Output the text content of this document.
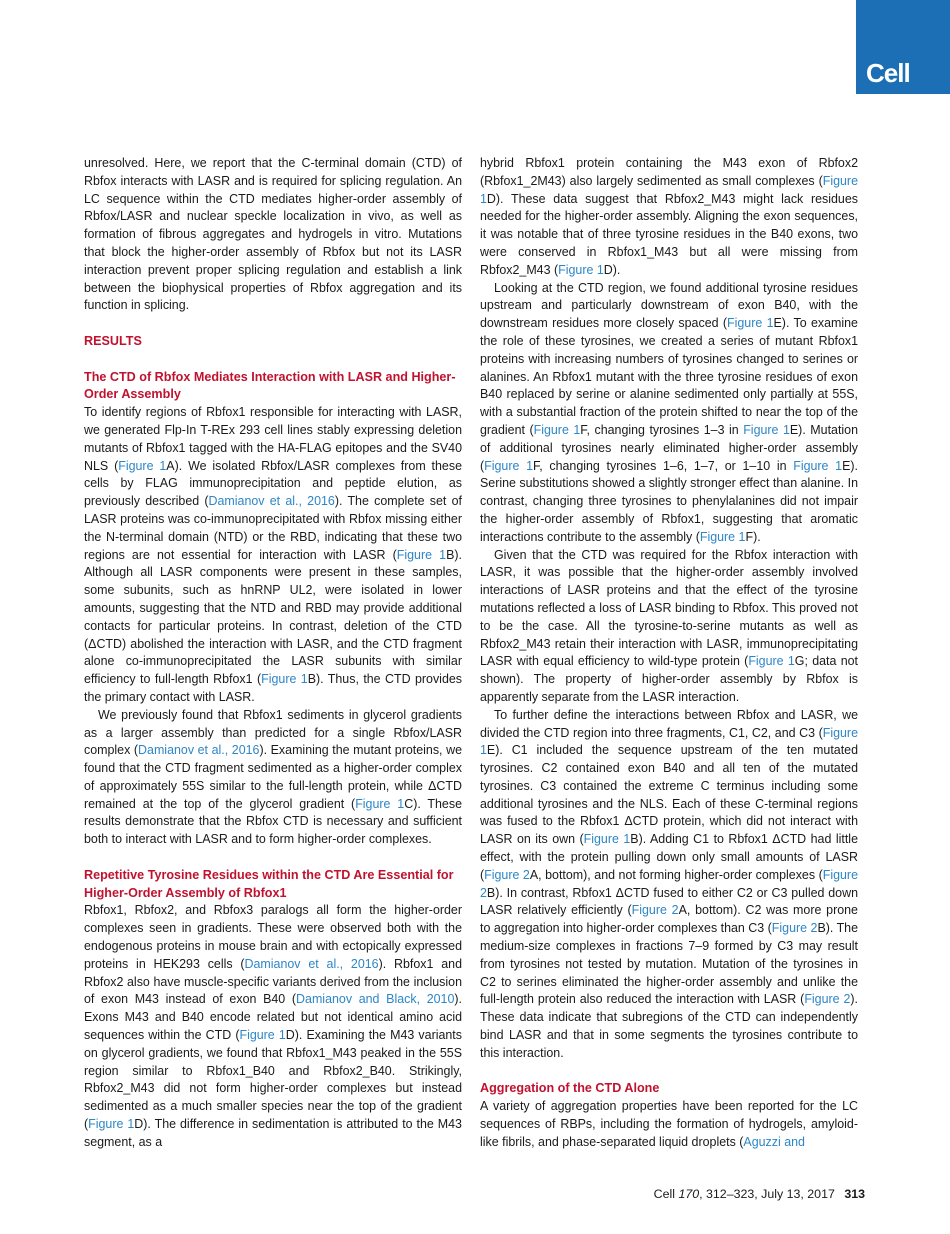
Cell

unresolved. Here, we report that the C-terminal domain (CTD) of Rbfox interacts with LASR and is required for splicing regulation. An LC sequence within the CTD mediates higher-order assembly of Rbfox/LASR and nuclear speckle localization in vivo, as well as formation of fibrous aggregates and hydrogels in vitro. Mutations that block the higher-order assembly of Rbfox but not its LASR interaction prevent proper splicing regulation and establish a link between the biophysical properties of Rbfox aggregation and its function in splicing.

RESULTS
The CTD of Rbfox Mediates Interaction with LASR and Higher-Order Assembly

To identify regions of Rbfox1 responsible for interacting with LASR, we generated Flp-In T-REx 293 cell lines stably expressing deletion mutants of Rbfox1 tagged with the HA-FLAG epitopes and the SV40 NLS (Figure 1A). We isolated Rbfox/LASR complexes from these cells by FLAG immunoprecipitation and peptide elution, as previously described (Damianov et al., 2016). The complete set of LASR proteins was co-immunoprecipitated with Rbfox missing either the N-terminal domain (NTD) or the RBD, indicating that these two regions are not essential for interaction with LASR (Figure 1B). Although all LASR components were present in these samples, some subunits, such as hnRNP UL2, were isolated in lower amounts, suggesting that the NTD and RBD may provide additional contacts for particular proteins. In contrast, deletion of the CTD (ΔCTD) abolished the interaction with LASR, and the CTD fragment alone co-immunoprecipitated the LASR subunits with similar efficiency to full-length Rbfox1 (Figure 1B). Thus, the CTD provides the primary contact with LASR.

We previously found that Rbfox1 sediments in glycerol gradients as a larger assembly than predicted for a single Rbfox/LASR complex (Damianov et al., 2016). Examining the mutant proteins, we found that the CTD fragment sedimented as a higher-order complex of approximately 55S similar to the full-length protein, while ΔCTD remained at the top of the glycerol gradient (Figure 1C). These results demonstrate that the Rbfox CTD is necessary and sufficient both to interact with LASR and to form higher-order complexes.

Repetitive Tyrosine Residues within the CTD Are Essential for Higher-Order Assembly of Rbfox1

Rbfox1, Rbfox2, and Rbfox3 paralogs all form the higher-order complexes seen in gradients. These were observed both with the endogenous proteins in mouse brain and with ectopically expressed proteins in HEK293 cells (Damianov et al., 2016). Rbfox1 and Rbfox2 also have muscle-specific variants derived from the inclusion of exon M43 instead of exon B40 (Damianov and Black, 2010). Exons M43 and B40 encode related but not identical amino acid sequences within the CTD (Figure 1D). Examining the M43 variants on glycerol gradients, we found that Rbfox1_M43 peaked in the 55S region similar to Rbfox1_B40 and Rbfox2_B40. Strikingly, Rbfox2_M43 did not form higher-order complexes but instead sedimented as a much smaller species near the top of the gradient (Figure 1D). The difference in sedimentation is attributed to the M43 segment, as a

hybrid Rbfox1 protein containing the M43 exon of Rbfox2 (Rbfox1_2M43) also largely sedimented as small complexes (Figure 1D). These data suggest that Rbfox2_M43 might lack residues needed for the higher-order assembly. Aligning the exon sequences, it was notable that of three tyrosine residues in the B40 exons, two were conserved in Rbfox1_M43 but all were missing from Rbfox2_M43 (Figure 1D).

Looking at the CTD region, we found additional tyrosine residues upstream and particularly downstream of exon B40, with the downstream residues more closely spaced (Figure 1E). To examine the role of these tyrosines, we created a series of mutant Rbfox1 proteins with increasing numbers of tyrosines changed to serines or alanines. An Rbfox1 mutant with the three tyrosine residues of exon B40 replaced by serine or alanine sedimented only partially at 55S, with a substantial fraction of the protein shifted to near the top of the gradient (Figure 1F, changing tyrosines 1–3 in Figure 1E). Mutation of additional tyrosines nearly eliminated higher-order assembly (Figure 1F, changing tyrosines 1–6, 1–7, or 1–10 in Figure 1E). Serine substitutions showed a slightly stronger effect than alanine. In contrast, changing three tyrosines to phenylalanines did not impair the higher-order assembly of Rbfox1, suggesting that aromatic interactions contribute to the assembly (Figure 1F).

Given that the CTD was required for the Rbfox interaction with LASR, it was possible that the higher-order assembly involved interactions of LASR proteins and that the effect of the tyrosine mutations reflected a loss of LASR binding to Rbfox. This proved not to be the case. All the tyrosine-to-serine mutants as well as Rbfox2_M43 retain their interaction with LASR, immunoprecipitating LASR with equal efficiency to wild-type protein (Figure 1G; data not shown). The property of higher-order assembly by Rbfox is apparently separate from the LASR interaction.

To further define the interactions between Rbfox and LASR, we divided the CTD region into three fragments, C1, C2, and C3 (Figure 1E). C1 included the sequence upstream of the ten mutated tyrosines. C2 contained exon B40 and all ten of the mutated tyrosines. C3 contained the extreme C terminus including some additional tyrosines and the NLS. Each of these C-terminal regions was fused to the Rbfox1 ΔCTD protein, which did not interact with LASR on its own (Figure 1B). Adding C1 to Rbfox1 ΔCTD had little effect, with the protein pulling down only small amounts of LASR (Figure 2A, bottom), and not forming higher-order complexes (Figure 2B). In contrast, Rbfox1 ΔCTD fused to either C2 or C3 pulled down LASR relatively efficiently (Figure 2A, bottom). C2 was more prone to aggregation into higher-order complexes than C3 (Figure 2B). The medium-size complexes in fractions 7–9 formed by C3 may result from tyrosines not tested by mutation. Mutation of the tyrosines in C2 to serines eliminated the higher-order assembly and unlike the full-length protein also reduced the interaction with LASR (Figure 2). These data indicate that subregions of the CTD can independently bind LASR and that in some segments the tyrosines contribute to this interaction.

Aggregation of the CTD Alone

A variety of aggregation properties have been reported for the LC sequences of RBPs, including the formation of hydrogels, amyloid-like fibrils, and phase-separated liquid droplets (Aguzzi and

Cell 170, 312–323, July 13, 2017 313
